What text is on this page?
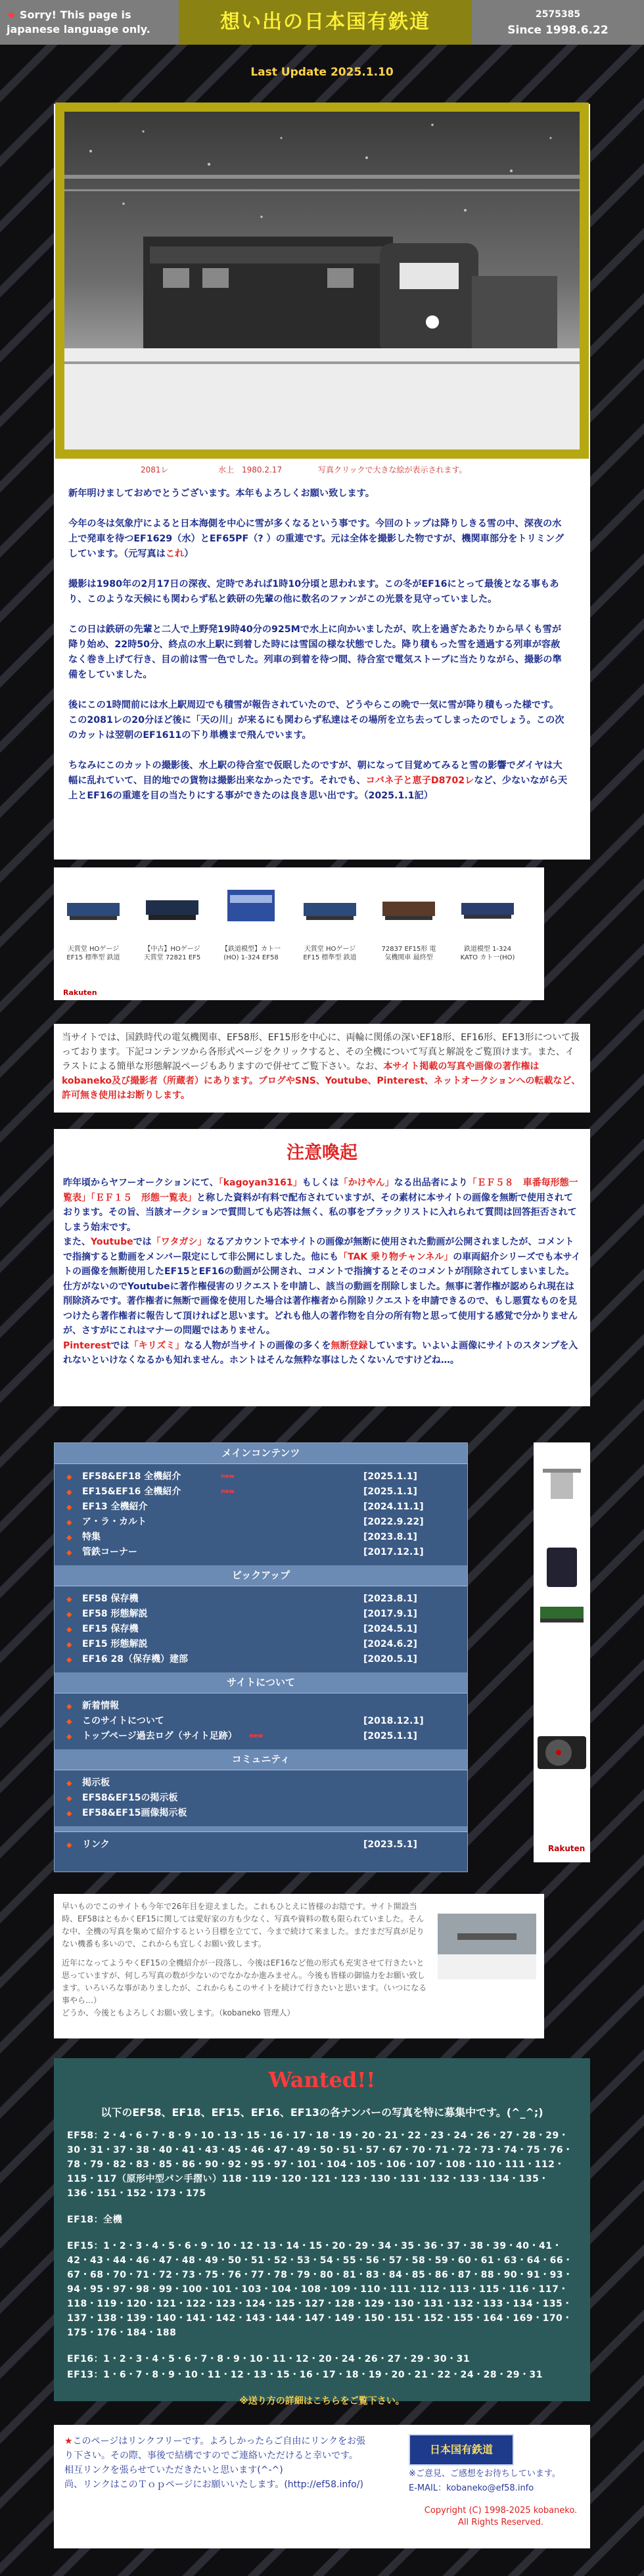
★ Sorry! This page is
japanese language only.	想い出の日本国有鉄道	2575385
Since 1998.6.22
Last Update 2025.1.10
2081レ	水上　1980.2.17	写真クリックで大きな絵が表示されます。

新年明けましておめでとうございます。本年もよろしくお願い致します。

今年の冬は気象庁によると日本海側を中心に雪が多くなるという事です。今回のトップは降りしきる雪の中、深夜の水上で発車を待つEF1629（水）とEF65PF（? ）の重連です。元は全体を撮影した物ですが、機関車部分をトリミングしています。（元写真はこれ）

撮影は1980年の2月17日の深夜、定時であれば1時10分頃と思われます。この冬がEF16にとって最後となる事もあり、このような天候にも関わらず私と鉄研の先輩の他に数名のファンがこの光景を見守っていました。

この日は鉄研の先輩と二人で上野発19時40分の925Mで水上に向かいましたが、吹上を過ぎたあたりから早くも雪が降り始め、22時50分、終点の水上駅に到着した時には雪国の様な状態でした。降り積もった雪を通過する列車が容赦なく巻き上げて行き、目の前は雪一色でした。列車の到着を待つ間、待合室で電気ストーブに当たりながら、撮影の準備をしていました。

後にこの1時間前には水上駅周辺でも積雪が報告されていたので、どうやらこの晩で一気に雪が降り積もった様です。この2081レの20分ほど後に「天の川」が来るにも関わらず私達はその場所を立ち去ってしまったのでしょう。この次のカットは翌朝のEF1611の下り単機まで飛んでいます。

ちなみにこのカットの撮影後、水上駅の待合室で仮眠したのですが、朝になって目覚めてみると雪の影響でダイヤは大幅に乱れていて、目的地での貨物は撮影出来なかったです。それでも、コバネ子と恵子D8702レなど、少ないながら天上とEF16の重連を目の当たりにする事ができたのは良き思い出です。（2025.1.1記）

天賞堂 HOゲージ EF15 標準型 鉄道
【中古】HOゲージ 天賞堂 72821 EF5
【鉄道模型】カト一(HO) 1-324 EF58
天賞堂 HOゲージ EF15 標準型 鉄道
72837 EF15形 電気機関車 最終型
鉄道模型 1-324 KATO カト一(HO)
Rakuten
当サイトでは、国鉄時代の電気機関車、EF58形、EF15形を中心に、両輪に関係の深いEF18形、EF16形、EF13形について扱っております。下記コンテンツから各形式ページをクリックすると、その全機について写真と解説をご覧頂けます。また、イラストによる簡単な形態解説ページもありますので併せてご覧下さい。なお、本サイト掲載の写真や画像の著作権はkobaneko及び撮影者（所蔵者）にあります。ブログやSNS、Youtube、Pinterest、ネットオークションへの転載など、許可無き使用はお断りします。
注意喚起
昨年頃からヤフーオークションにて、「kagoyan3161」もしくは「かけやん」なる出品者により「ＥＦ５８　車番毎形態一覧表」「ＥＦ１５　形態一覧表」と称した資料が有料で配布されていますが、その素材に本サイトの画像を無断で使用されております。その旨、当該オークションで質問しても応答は無く、私の事をブラックリストに入れられて質問は回答拒否されてしまう始末です。
また、Youtubeでは「ワタガシ」なるアカウントで本サイトの画像が無断に使用された動画が公開されましたが、コメントで指摘すると動画をメンバー限定にして非公開にしました。他にも「TAK 乗り物チャンネル」の車両紹介シリーズでも本サイトの画像を無断使用したEF15とEF16の動画が公開され、コメントで指摘するとそのコメントが削除されてしまいました。仕方がないのでYoutubeに著作権侵害のリクエストを申請し、該当の動画を削除しました。無事に著作権が認められ現在は削除済みです。著作権者に無断で画像を使用した場合は著作権者から削除リクエストを申請できるので、もし悪質なものを見つけたら著作権者に報告して頂ければと思います。どれも他人の著作物を自分の所有物と思って使用する感覚で分かりませんが、さすがにこれはマナーの問題ではありません。
Pinterestでは「キリズミ」なる人物が当サイトの画像の多くを無断登録しています。いよいよ画像にサイトのスタンプを入れないといけなくなるかも知れません。ホントはそんな無粋な事はしたくないんですけどね…。
メインコンテンツ
◆ EF58&EF18 全機紹介	new	[2025.1.1]
◆ EF15&EF16 全機紹介	new	[2025.1.1]
◆ EF13 全機紹介	[2024.11.1]
◆ ア・ラ・カルト	[2022.9.22]
◆ 特集	[2023.8.1]
◆ 管鉄コーナー	[2017.12.1]
ピックアップ
◆ EF58 保存機	[2023.8.1]
◆ EF58 形態解説	[2017.9.1]
◆ EF15 保存機	[2024.5.1]
◆ EF15 形態解説	[2024.6.2]
◆ EF16 28（保存機）建部	[2020.5.1]
サイトについて
◆ 新着情報
◆ このサイトについて	[2018.12.1]
◆ トップページ過去ログ（サイト足跡） new	[2025.1.1]
コミュニティ
◆ 掲示板
◆ EF58&EF15の掲示板
◆ EF58&EF15画像掲示板
◆ リンク	[2023.5.1]	Rakuten
早いものでこのサイトも今年で26年目を迎えました。これもひとえに皆様のお陰です。サイト開設当時、EF58はともかくEF15に関しては愛好家の方も少なく、写真や資料の数も限られていました。そんな中、全機の写真を集めて紹介するという目標を立てて、今まで続けて来ました。まだまだ写真が足りない機番も多いので、これからも宜しくお願い致します。
近年になってようやくEF15の全機紹介が一段落し、今後はEF16など他の形式も充実させて行きたいと思っていますが、何しろ写真の数が少ないのでなかなか進みません。今後も皆様の御協力をお願い致します。いろいろな事がありましたが、これからもこのサイトを続けて行きたいと思います。（いつになる事やら…）
どうか、今後ともよろしくお願い致します。（kobaneko 管理人）
Wanted!!
以下のEF58、EF18、EF15、EF16、EF13の各ナンバーの写真を特に募集中です。(^_^;)

EF58：2・4・6・7・8・9・10・13・15・16・17・18・19・20・21・22・23・24・26・27・28・29・30・31・37・38・40・41・43・45・46・47・49・50・51・57・67・70・71・72・73・74・75・76・78・79・82・83・85・86・90・92・95・97・101・104・105・106・107・108・110・111・112・115・117（原形中型パン手摺い）118・119・120・121・123・130・131・132・133・134・135・136・151・152・173・175

EF18：全機

EF15：1・2・3・4・5・6・9・10・12・13・14・15・20・29・34・35・36・37・38・39・40・41・42・43・44・46・47・48・49・50・51・52・53・54・55・56・57・58・59・60・61・63・64・66・67・68・70・71・72・73・75・76・77・78・79・80・81・83・84・85・86・87・88・90・91・93・94・95・97・98・99・100・101・103・104・108・109・110・111・112・113・115・116・117・118・119・120・121・122・123・124・125・127・128・129・130・131・132・133・134・135・137・138・139・140・141・142・143・144・147・149・150・151・152・155・164・169・170・175・176・184・188

EF16：1・2・3・4・5・6・7・8・9・10・11・12・20・24・26・27・29・30・31

EF13：1・6・7・8・9・10・11・12・13・15・16・17・18・19・20・21・22・24・28・29・31

※送り方の詳細はこちらをご覧下さい。
★このページはリンクフリーです。よろしかったらご自由にリンクをお張り下さい。その際、事後で結構ですのでご連絡いただけると幸いです。相互リンクを張らせていただきたいと思います(^-^)
尚、リンクはこのＴｏｐページにお願いいたします。(http://ef58.info/)
日本国有鉄道
※ご意見、ご感想をお待ちしています。
E-MAIL：kobaneko@ef58.info
Copyright (C) 1998-2025 kobaneko. All Rights Reserved.
